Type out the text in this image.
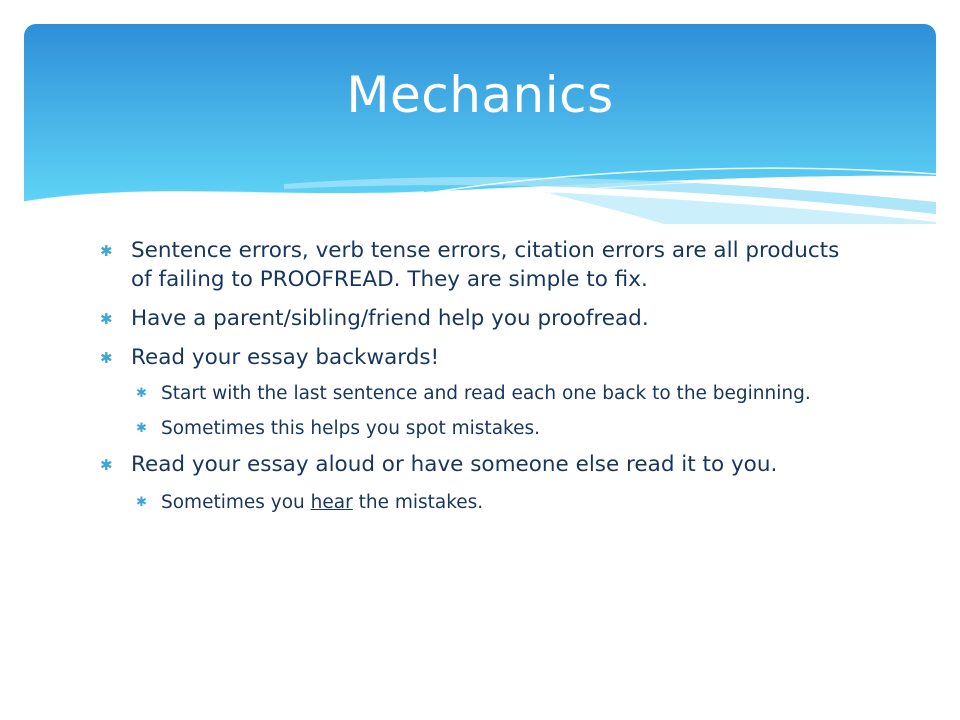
Mechanics
✱ Sentence errors, verb tense errors, citation errors are all products of failing to PROOFREAD. They are simple to fix.
✱ Have a parent/sibling/friend help you proofread.
✱ Read your essay backwards!
✱ Start with the last sentence and read each one back to the beginning.
✱ Sometimes this helps you spot mistakes.
✱ Read your essay aloud or have someone else read it to you.
✱ Sometimes you hear the mistakes.
